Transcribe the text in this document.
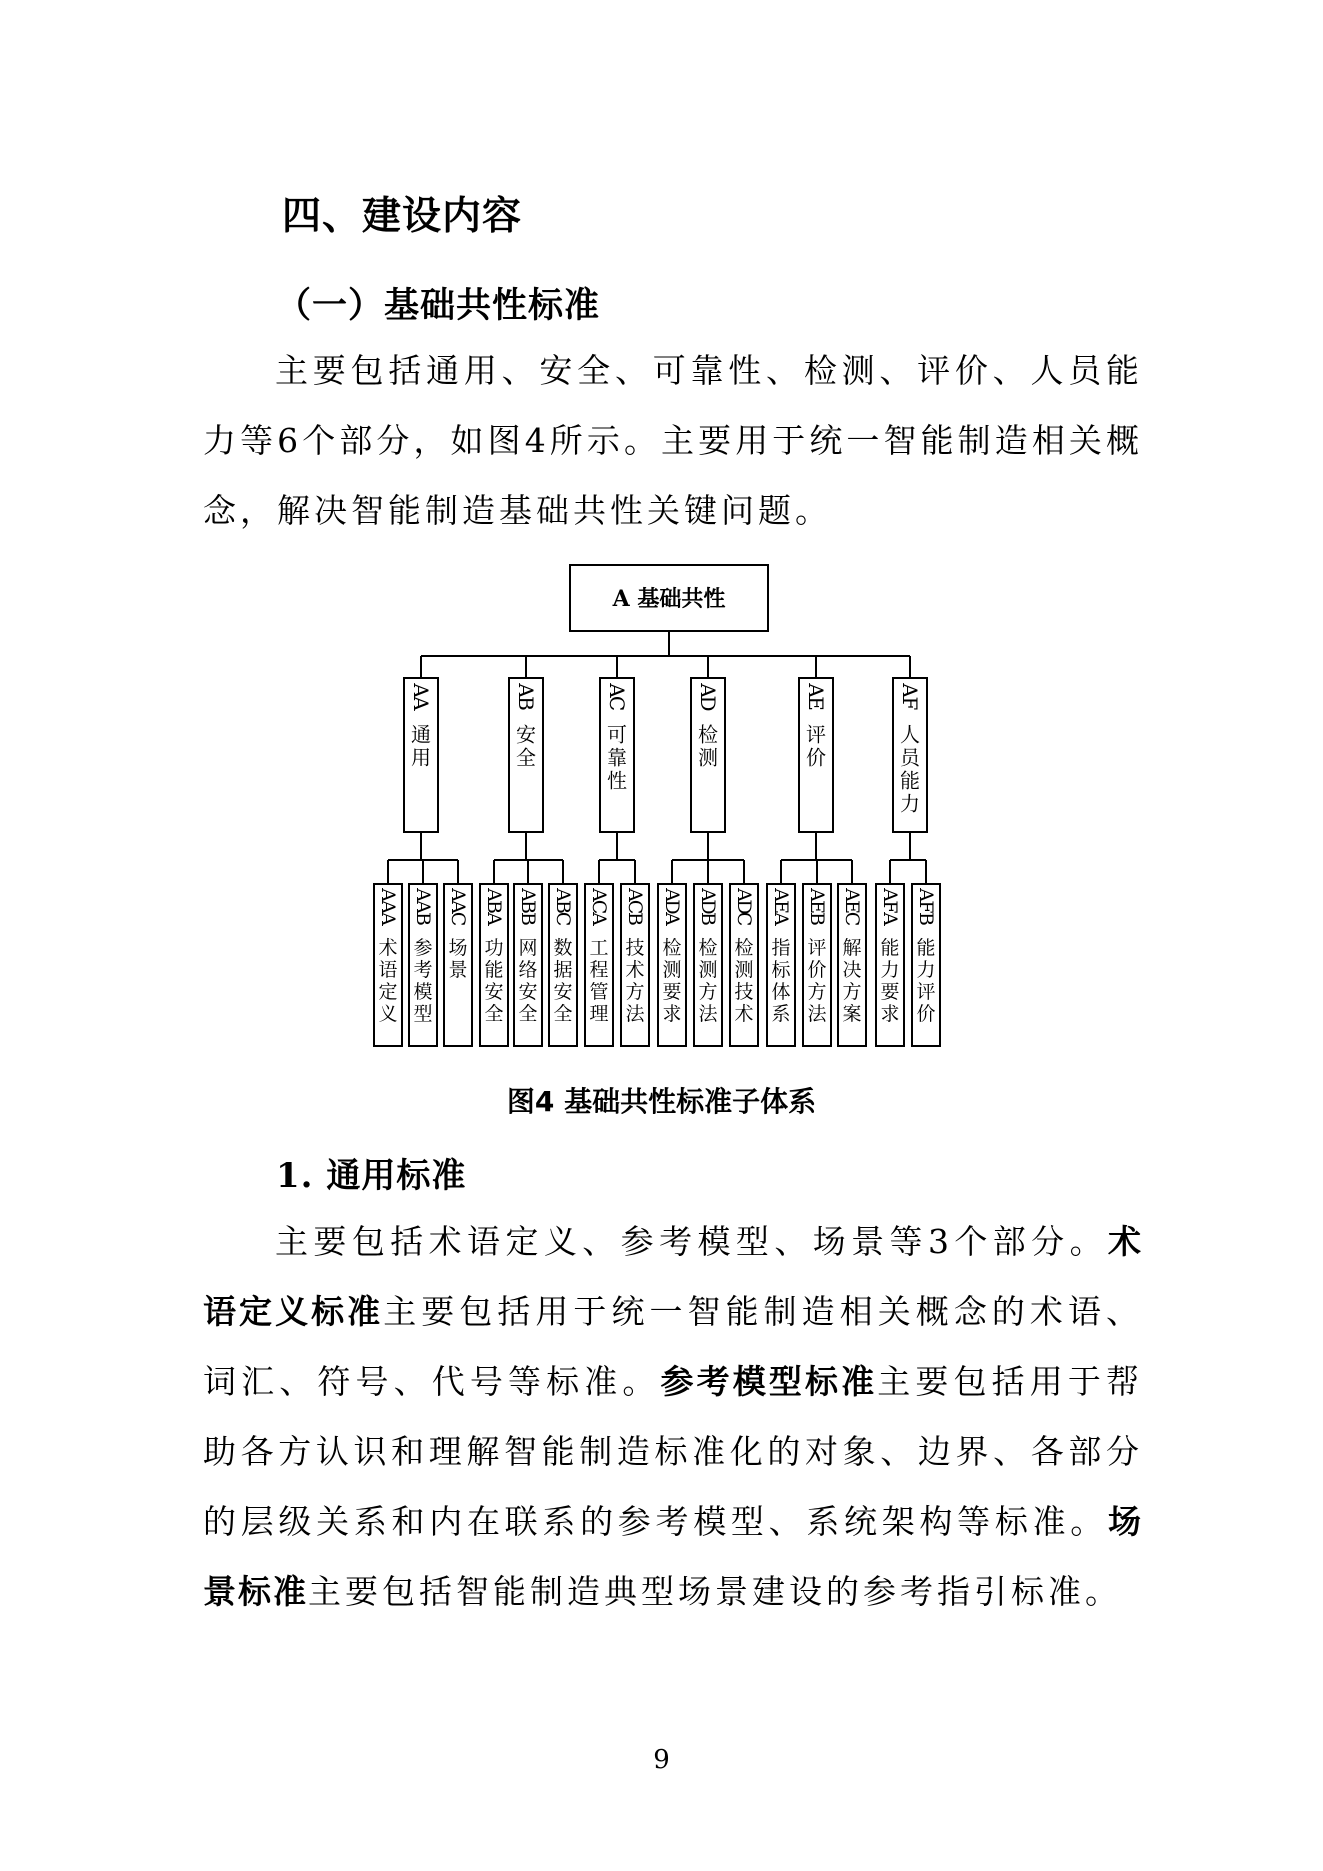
四、建设内容
（一）基础共性标准

主要包括通用、安全、可靠性、检测、评价、人员能力等6个部分，如图4所示。主要用于统一智能制造相关概念，解决智能制造基础共性关键问题。

A 基础共性
A
A
通
用
A
A
A
术
语
定
义
A
A
B
参
考
模
型
A
A
C
场
景
A
B
安
全
A
B
A
功
能
安
全
A
B
B
网
络
安
全
A
B
C
数
据
安
全
A
C
可
靠
性
A
C
A
工
程
管
理
A
C
B
技
术
方
法
A
D
检
测
A
D
A
检
测
要
求
A
D
B
检
测
方
法
A
D
C
检
测
技
术
A
E
评
价
A
E
A
指
标
体
系
A
E
B
评
价
方
法
A
E
C
解
决
方
案
A
F
人
员
能
力
A
F
A
能
力
要
求
A
F
B
能
力
评
价
图4 基础共性标准子体系
1. 通用标准

主要包括术语定义、参考模型、场景等3个部分。术语定义标准主要包括用于统一智能制造相关概念的术语、词汇、符号、代号等标准。参考模型标准主要包括用于帮助各方认识和理解智能制造标准化的对象、边界、各部分的层级关系和内在联系的参考模型、系统架构等标准。场景标准主要包括智能制造典型场景建设的参考指引标准。

9
